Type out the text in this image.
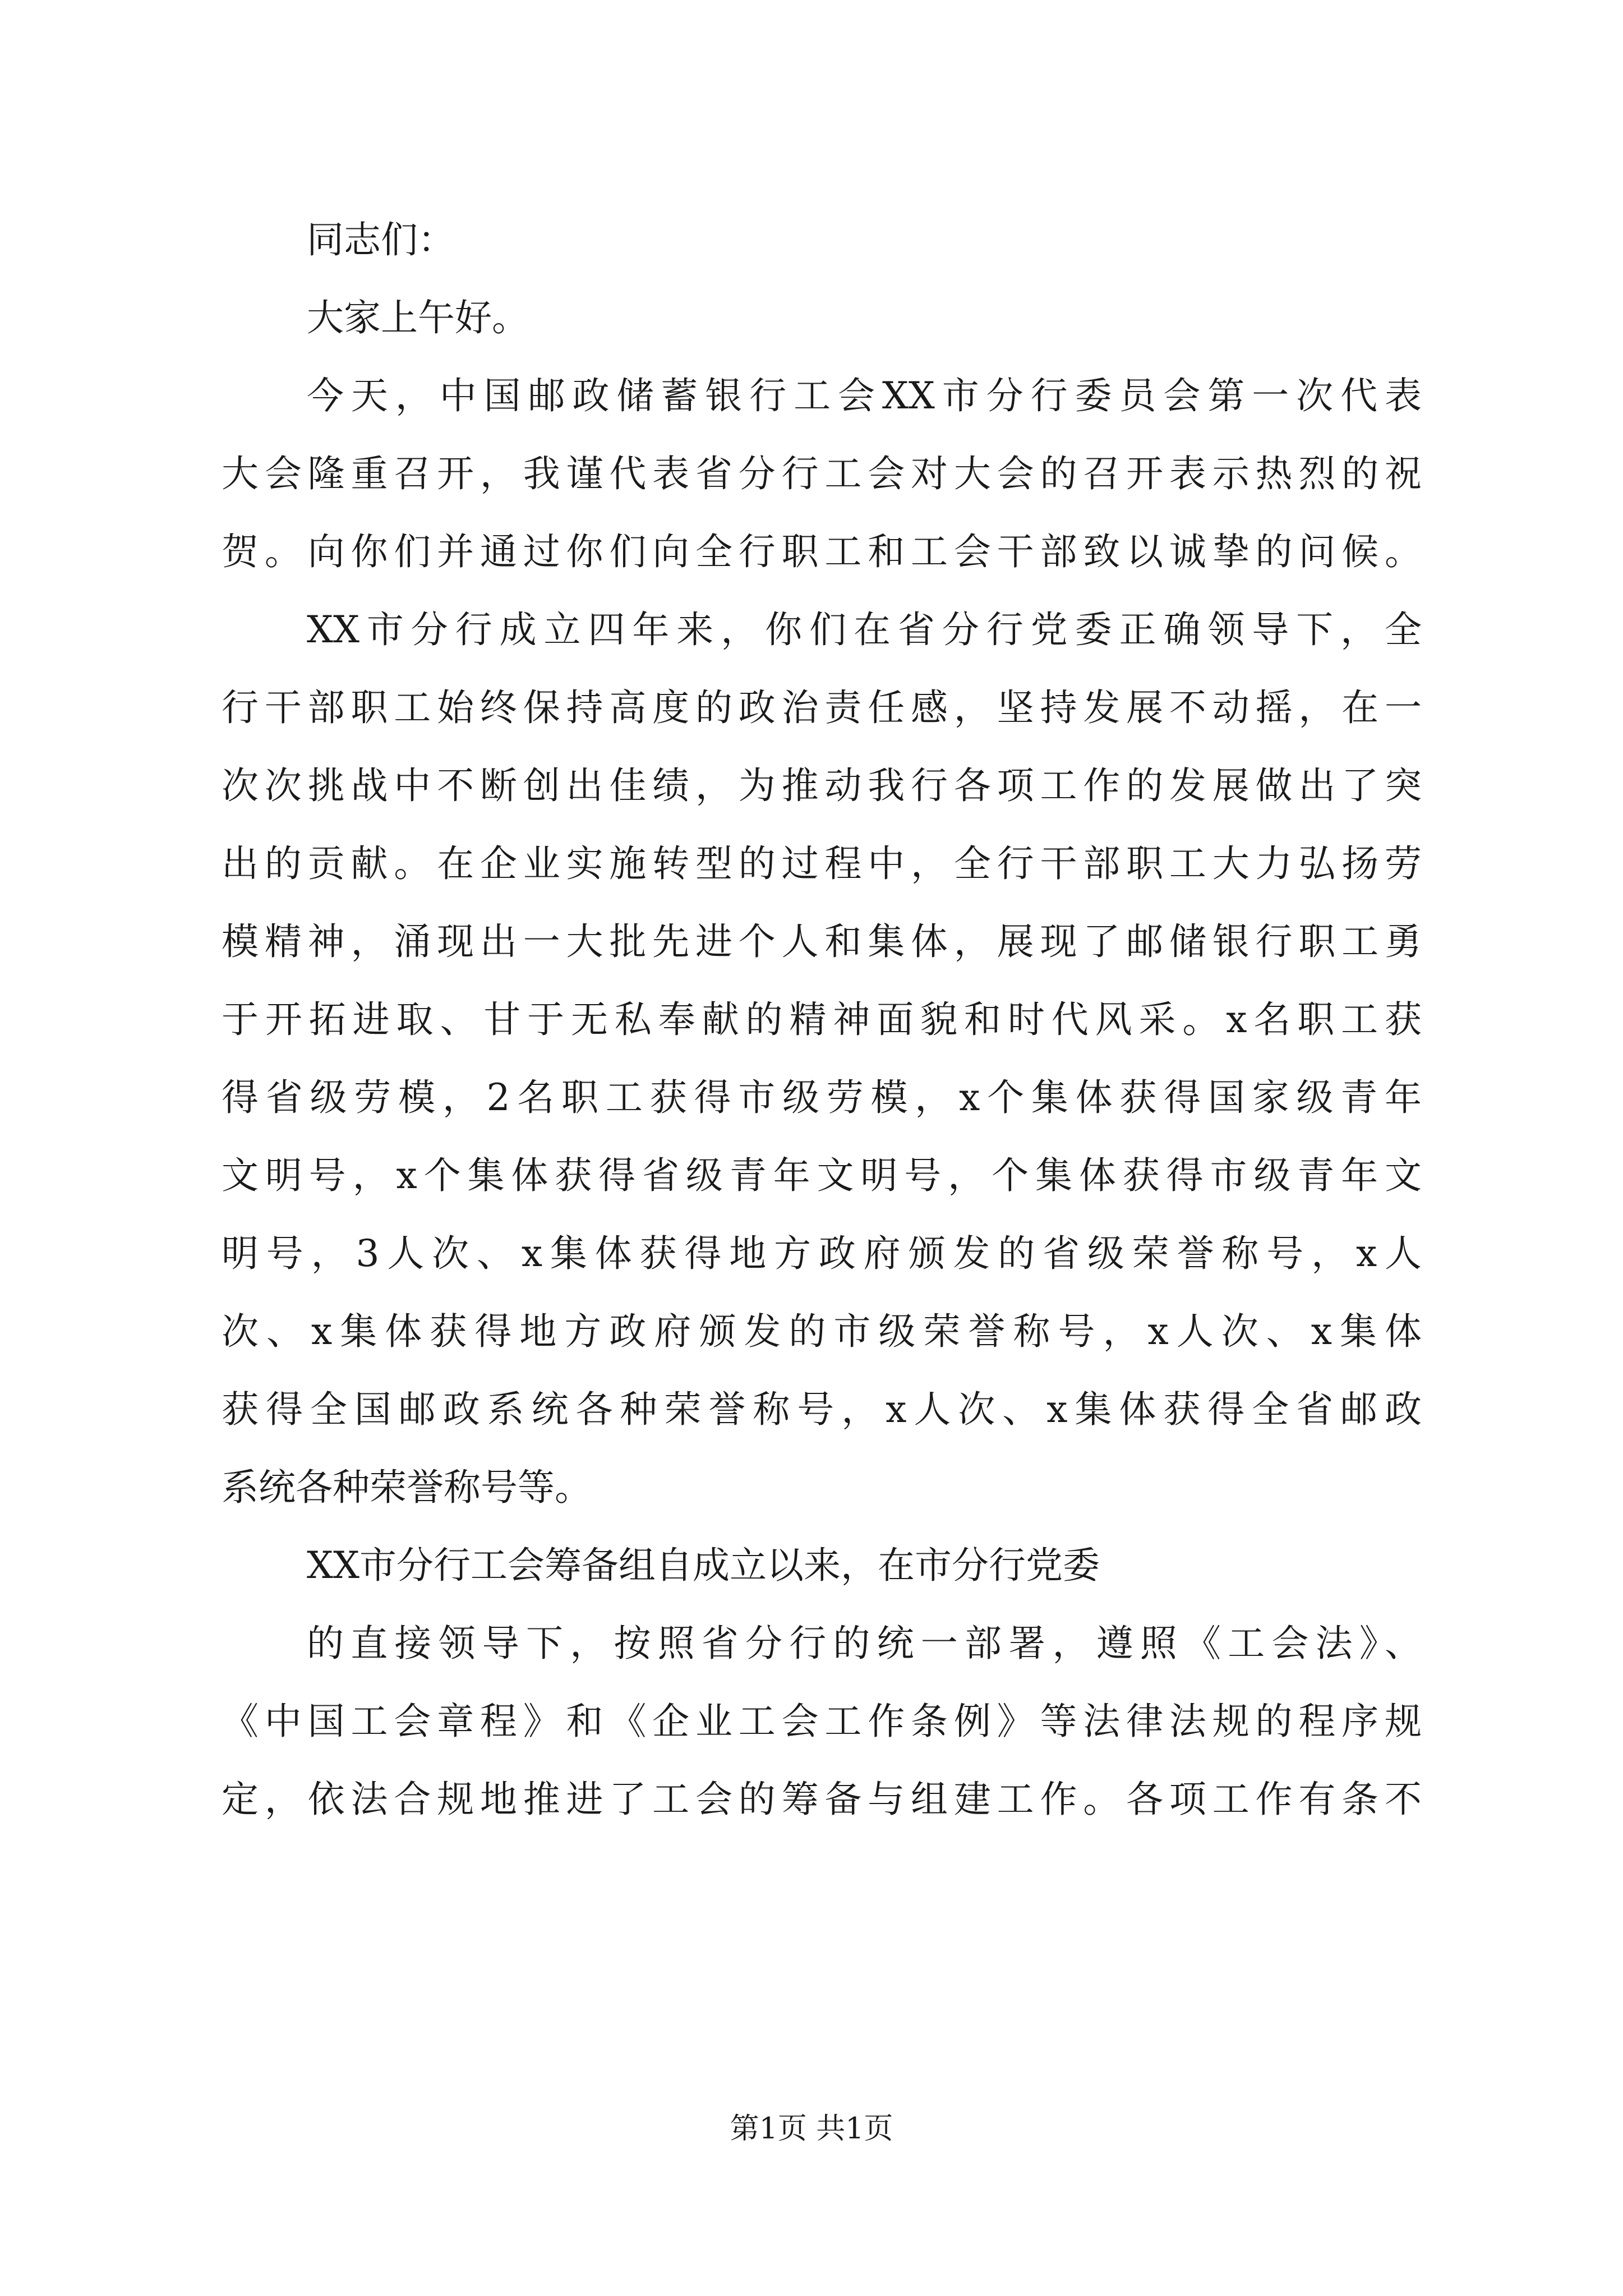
同志们：
大家上午好。
今天，中国邮政储蓄银行工会XX市分行委员会第一次代表
大会隆重召开，我谨代表省分行工会对大会的召开表示热烈的祝
贺。向你们并通过你们向全行职工和工会干部致以诚挚的问候。
XX市分行成立四年来，你们在省分行党委正确领导下，全
行干部职工始终保持高度的政治责任感，坚持发展不动摇，在一
次次挑战中不断创出佳绩，为推动我行各项工作的发展做出了突
出的贡献。在企业实施转型的过程中，全行干部职工大力弘扬劳
模精神，涌现出一大批先进个人和集体，展现了邮储银行职工勇
于开拓进取、甘于无私奉献的精神面貌和时代风采。x名职工获
得省级劳模，2名职工获得市级劳模，x个集体获得国家级青年
文明号，x个集体获得省级青年文明号，个集体获得市级青年文
明号，3人次、x集体获得地方政府颁发的省级荣誉称号，x人
次、x集体获得地方政府颁发的市级荣誉称号，x人次、x集体
获得全国邮政系统各种荣誉称号，x人次、x集体获得全省邮政
系统各种荣誉称号等。
XX市分行工会筹备组自成立以来，在市分行党委
的直接领导下，按照省分行的统一部署，遵照《工会法》、
《中国工会章程》和《企业工会工作条例》等法律法规的程序规
定，依法合规地推进了工会的筹备与组建工作。各项工作有条不
第1页 共1页
